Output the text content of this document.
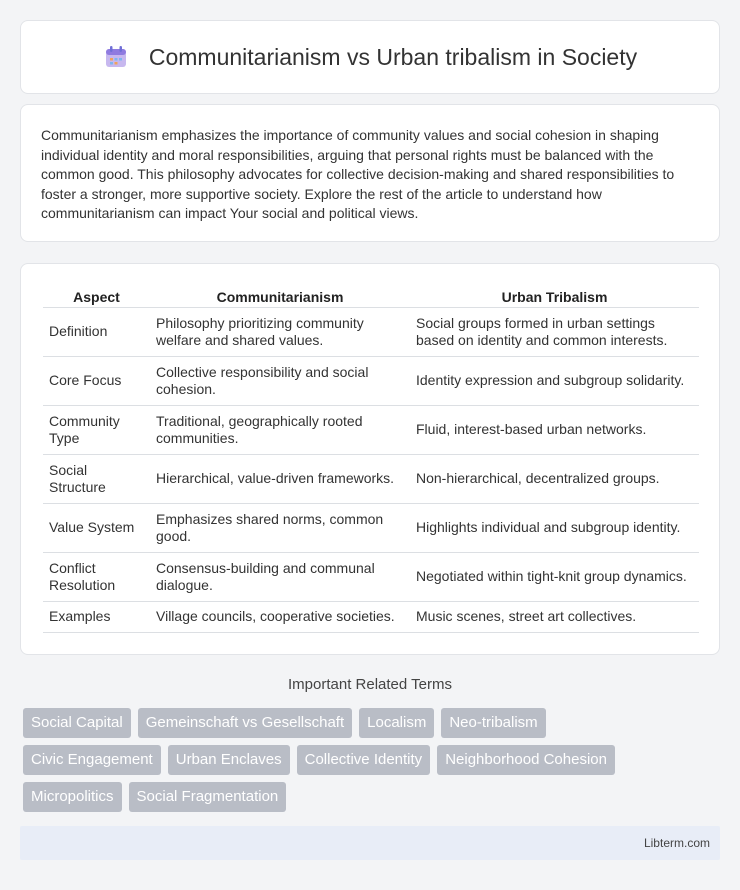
Communitarianism vs Urban tribalism in Society

Communitarianism emphasizes the importance of community values and social cohesion in shaping individual identity and moral responsibilities, arguing that personal rights must be balanced with the common good. This philosophy advocates for collective decision-making and shared responsibilities to foster a stronger, more supportive society. Explore the rest of the article to understand how communitarianism can impact Your social and political views.

Aspect	Communitarianism	Urban Tribalism
Definition	Philosophy prioritizing community welfare and shared values.	Social groups formed in urban settings based on identity and common interests.
Core Focus	Collective responsibility and social cohesion.	Identity expression and subgroup solidarity.
Community Type	Traditional, geographically rooted communities.	Fluid, interest-based urban networks.
Social Structure	Hierarchical, value-driven frameworks.	Non-hierarchical, decentralized groups.
Value System	Emphasizes shared norms, common good.	Highlights individual and subgroup identity.
Conflict Resolution	Consensus-building and communal dialogue.	Negotiated within tight-knit group dynamics.
Examples	Village councils, cooperative societies.	Music scenes, street art collectives.
Important Related Terms
Social Capital	Gemeinschaft vs Gesellschaft	Localism	Neo-tribalism
Civic Engagement	Urban Enclaves	Collective Identity	Neighborhood Cohesion
Micropolitics	Social Fragmentation
Libterm.com
